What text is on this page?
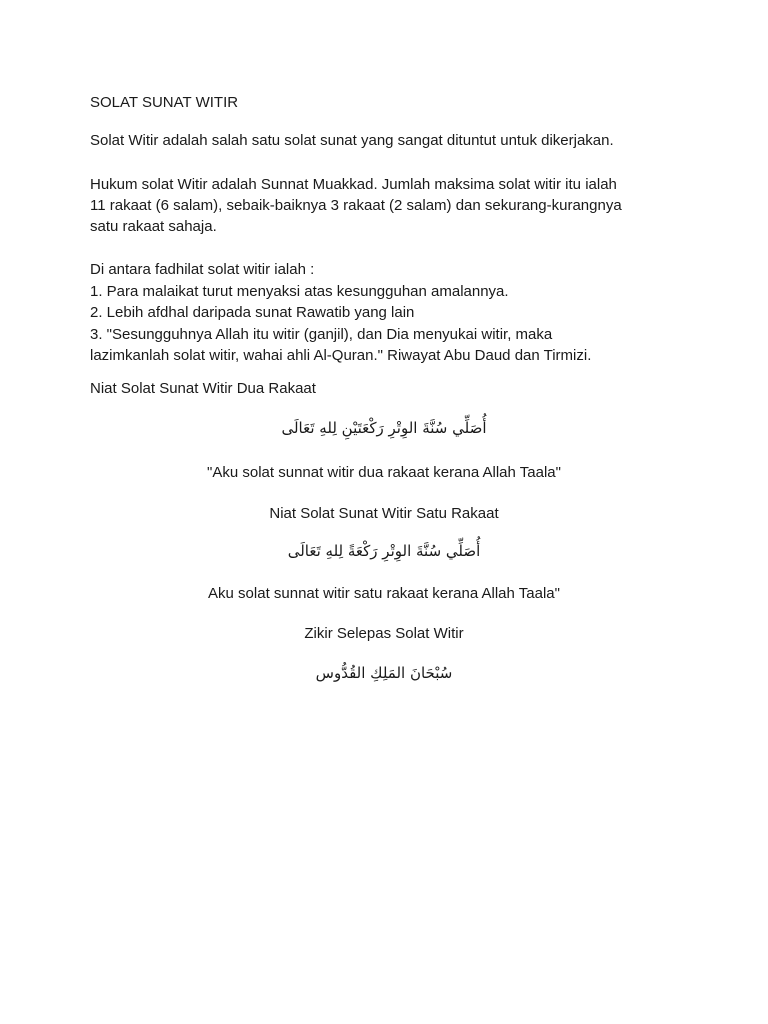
SOLAT SUNAT WITIR

Solat Witir adalah salah satu solat sunat yang sangat dituntut untuk dikerjakan.

Hukum solat Witir adalah Sunnat Muakkad. Jumlah maksima solat witir itu ialah
11 rakaat (6 salam), sebaik-baiknya 3 rakaat (2 salam) dan sekurang-kurangnya
satu rakaat sahaja.

Di antara fadhilat solat witir ialah :
1. Para malaikat turut menyaksi atas kesungguhan amalannya.
2. Lebih afdhal daripada sunat Rawatib yang lain
3. "Sesungguhnya Allah itu witir (ganjil), dan Dia menyukai witir, maka
lazimkanlah solat witir, wahai ahli Al-Quran." Riwayat Abu Daud dan Tirmizi.

Niat Solat Sunat Witir Dua Rakaat

أُصَلِّي سُنَّةَ الوِتْرِ رَكْعَتَيْنِ لِلهِ تَعَالَى

"Aku solat sunnat witir dua rakaat kerana Allah Taala"

Niat Solat Sunat Witir Satu Rakaat

أُصَلِّي سُنَّةَ الوِتْرِ رَكْعَةً لِلهِ تَعَالَى

Aku solat sunnat witir satu rakaat kerana Allah Taala"

Zikir Selepas Solat Witir

سُبْحَانَ المَلِكِ القُدُّوس
